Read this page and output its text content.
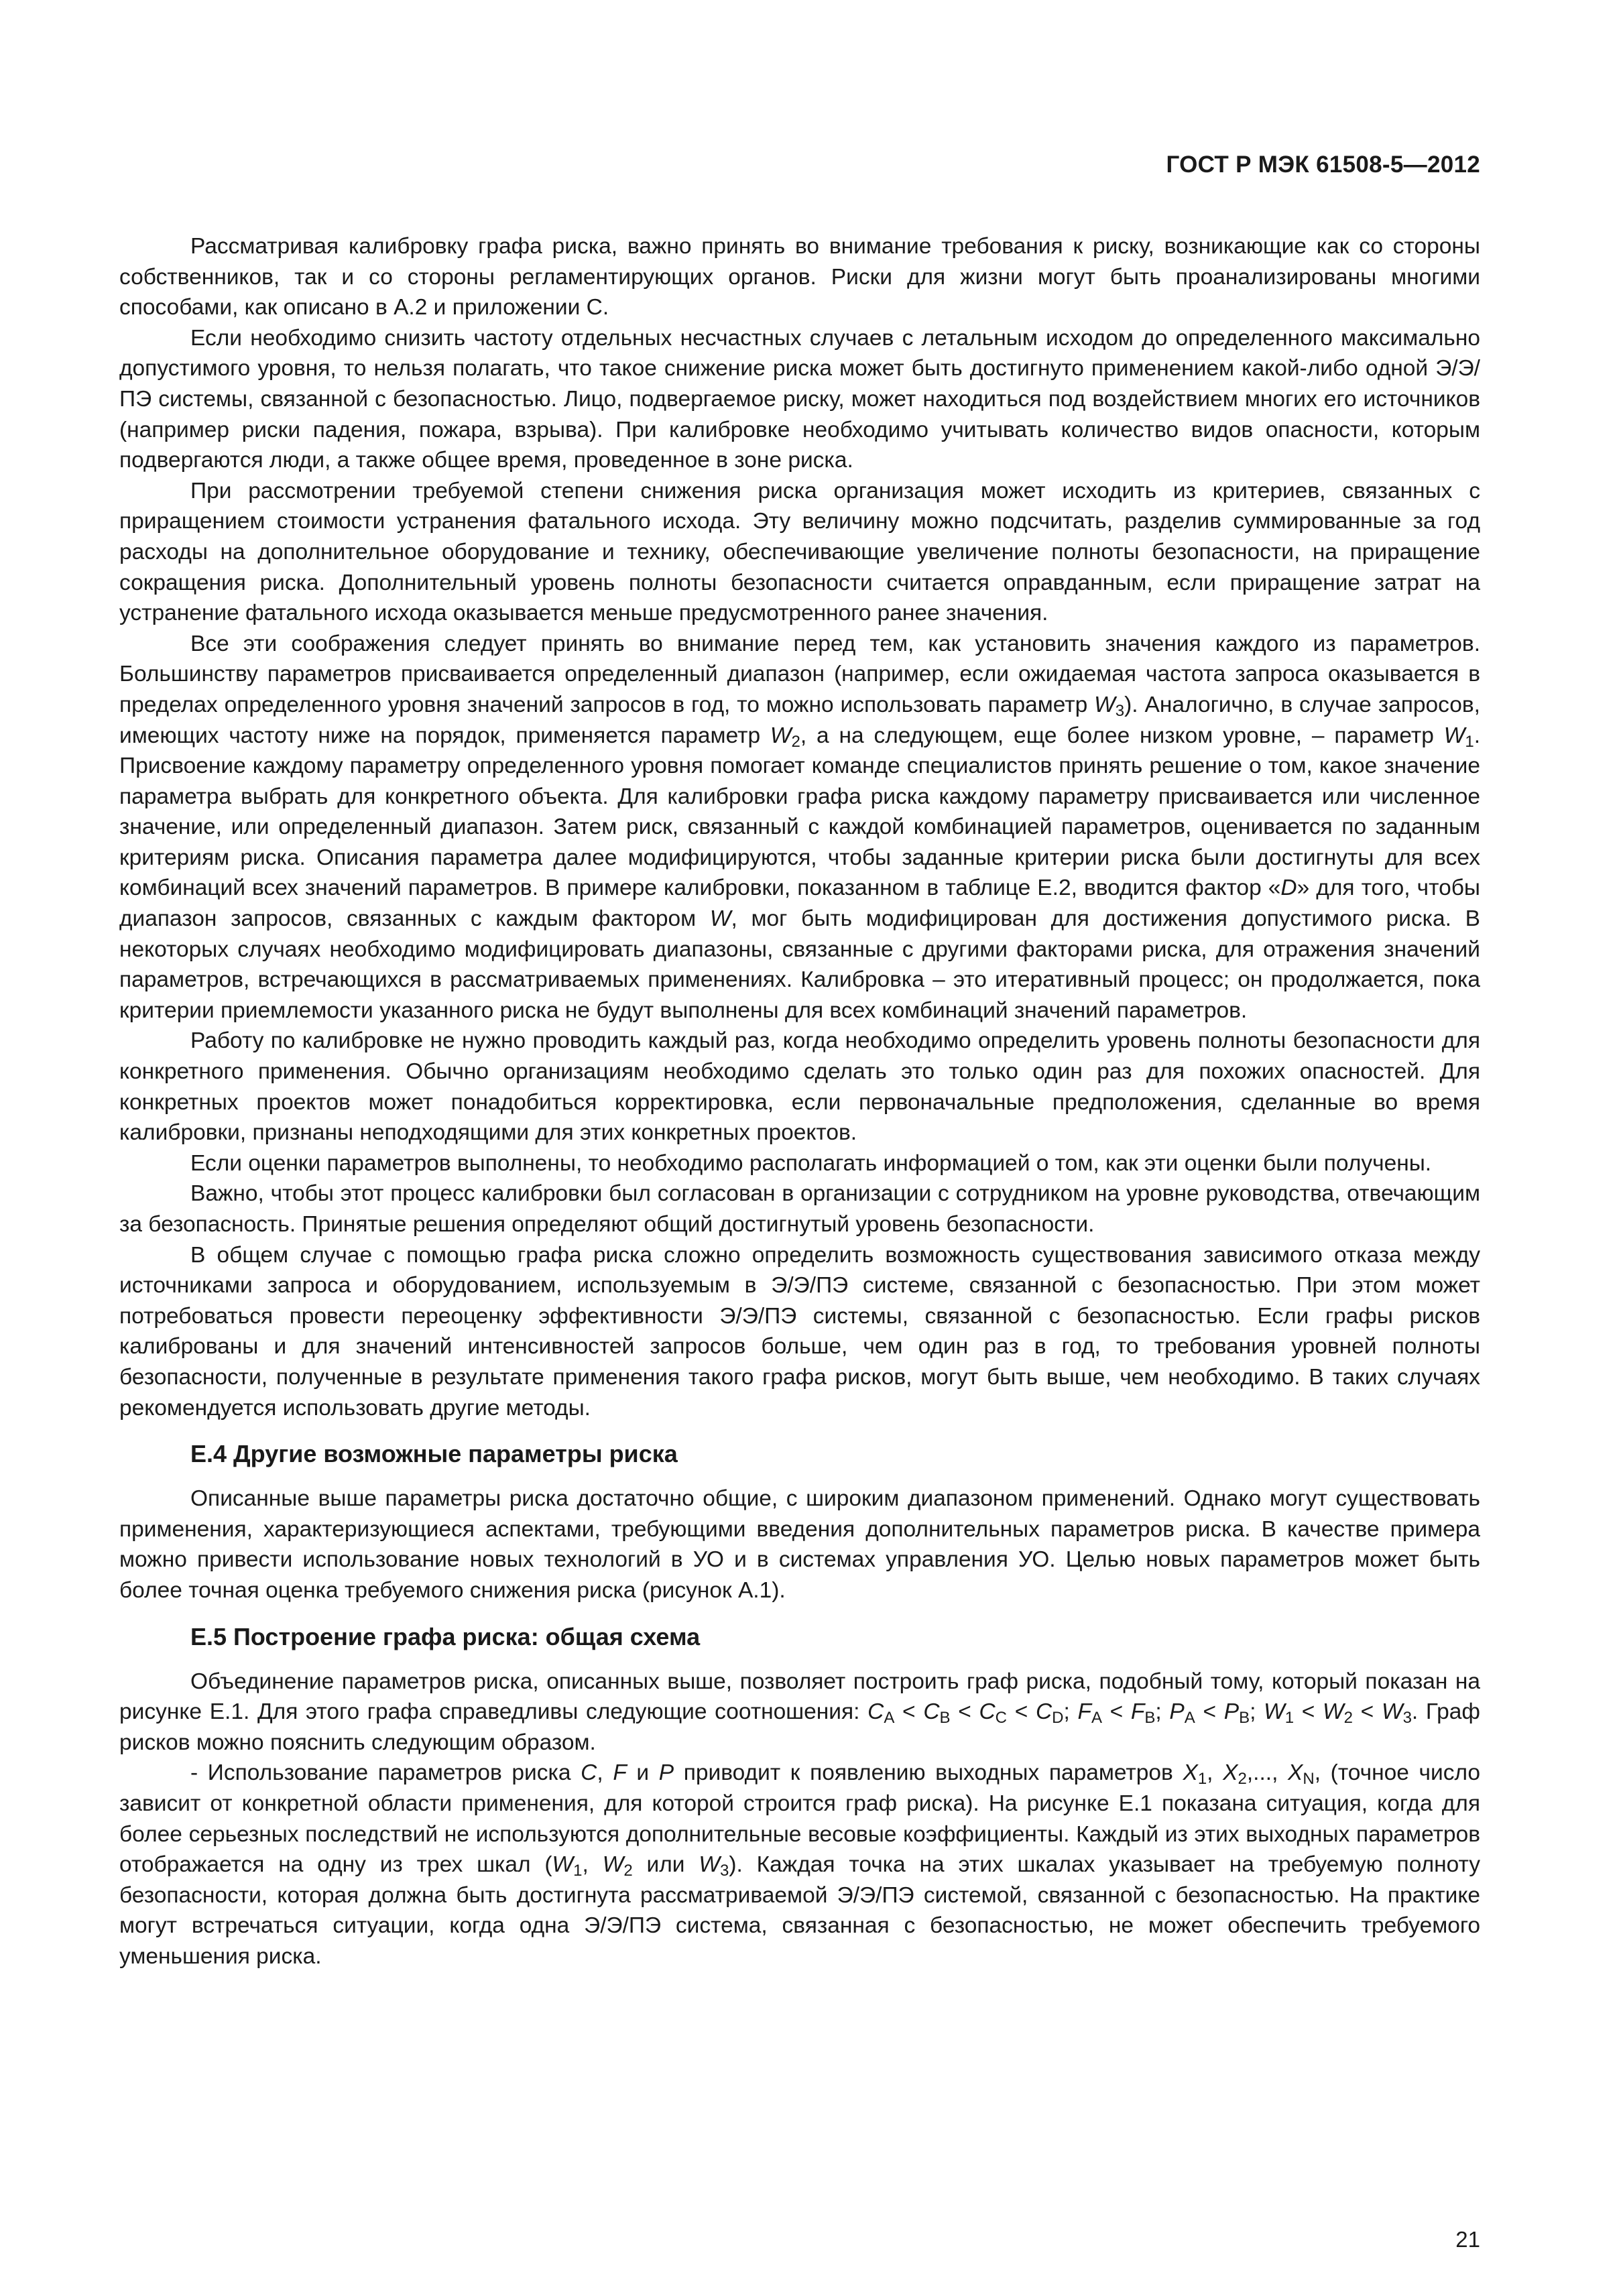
ГОСТ Р МЭК 61508-5—2012

Рассматривая калибровку графа риска, важно принять во внимание требования к риску, возникающие как со стороны собственников, так и со стороны регламентирующих органов. Риски для жизни могут быть проанализированы многими способами, как описано в А.2 и приложении С.

Если необходимо снизить частоту отдельных несчастных случаев с летальным исходом до определенного максимально допустимого уровня, то нельзя полагать, что такое снижение риска может быть достигнуто применением какой-либо одной Э/Э/ПЭ системы, связанной с безопасностью. Лицо, подвергаемое риску, может находиться под воздействием многих его источников (например риски падения, пожара, взрыва). При калибровке необходимо учитывать количество видов опасности, которым подвергаются люди, а также общее время, проведенное в зоне риска.

При рассмотрении требуемой степени снижения риска организация может исходить из критериев, связанных с приращением стоимости устранения фатального исхода. Эту величину можно подсчитать, разделив суммированные за год расходы на дополнительное оборудование и технику, обеспечивающие увеличение полноты безопасности, на приращение сокращения риска. Дополнительный уровень полноты безопасности считается оправданным, если приращение затрат на устранение фатального исхода оказывается меньше предусмотренного ранее значения.

Все эти соображения следует принять во внимание перед тем, как установить значения каждого из параметров. Большинству параметров присваивается определенный диапазон (например, если ожидаемая частота запроса оказывается в пределах определенного уровня значений запросов в год, то можно использовать параметр $W_3$). Аналогично, в случае запросов, имеющих частоту ниже на порядок, применяется параметр $W_2$, а на следующем, еще более низком уровне, – параметр $W_1$. Присвоение каждому параметру определенного уровня помогает команде специалистов принять решение о том, какое значение параметра выбрать для конкретного объекта. Для калибровки графа риска каждому параметру присваивается или численное значение, или определенный диапазон. Затем риск, связанный с каждой комбинацией параметров, оценивается по заданным критериям риска. Описания параметра далее модифицируются, чтобы заданные критерии риска были достигнуты для всех комбинаций всех значений параметров. В примере калибровки, показанном в таблице Е.2, вводится фактор «D» для того, чтобы диапазон запросов, связанных с каждым фактором W, мог быть модифицирован для достижения допустимого риска. В некоторых случаях необходимо модифицировать диапазоны, связанные с другими факторами риска, для отражения значений параметров, встречающихся в рассматриваемых применениях. Калибровка – это итеративный процесс; он продолжается, пока критерии приемлемости указанного риска не будут выполнены для всех комбинаций значений параметров.

Работу по калибровке не нужно проводить каждый раз, когда необходимо определить уровень полноты безопасности для конкретного применения. Обычно организациям необходимо сделать это только один раз для похожих опасностей. Для конкретных проектов может понадобиться корректировка, если первоначальные предположения, сделанные во время калибровки, признаны неподходящими для этих конкретных проектов.

Если оценки параметров выполнены, то необходимо располагать информацией о том, как эти оценки были получены.

Важно, чтобы этот процесс калибровки был согласован в организации с сотрудником на уровне руководства, отвечающим за безопасность. Принятые решения определяют общий достигнутый уровень безопасности.

В общем случае с помощью графа риска сложно определить возможность существования зависимого отказа между источниками запроса и оборудованием, используемым в Э/Э/ПЭ системе, связанной с безопасностью. При этом может потребоваться провести переоценку эффективности Э/Э/ПЭ системы, связанной с безопасностью. Если графы рисков калиброваны и для значений интенсивностей запросов больше, чем один раз в год, то требования уровней полноты безопасности, полученные в результате применения такого графа рисков, могут быть выше, чем необходимо. В таких случаях рекомендуется использовать другие методы.

Е.4 Другие возможные параметры риска

Описанные выше параметры риска достаточно общие, с широким диапазоном применений. Однако могут существовать применения, характеризующиеся аспектами, требующими введения дополнительных параметров риска. В качестве примера можно привести использование новых технологий в УО и в системах управления УО. Целью новых параметров может быть более точная оценка требуемого снижения риска (рисунок А.1).

Е.5 Построение графа риска: общая схема

Объединение параметров риска, описанных выше, позволяет построить граф риска, подобный тому, который показан на рисунке Е.1. Для этого графа справедливы следующие соотношения: $C_A < C_B < C_C < C_D$; $F_A < F_B$; $P_A < P_B$; $W_1 < W_2 < W_3$. Граф рисков можно пояснить следующим образом.

- Использование параметров риска C, F и P приводит к появлению выходных параметров $X_1$, $X_2$,..., $X_N$, (точное число зависит от конкретной области применения, для которой строится граф риска). На рисунке Е.1 показана ситуация, когда для более серьезных последствий не используются дополнительные весовые коэффициенты. Каждый из этих выходных параметров отображается на одну из трех шкал ($W_1$, $W_2$ или $W_3$). Каждая точка на этих шкалах указывает на требуемую полноту безопасности, которая должна быть достигнута рассматриваемой Э/Э/ПЭ системой, связанной с безопасностью. На практике могут встречаться ситуации, когда одна Э/Э/ПЭ система, связанная с безопасностью, не может обеспечить требуемого уменьшения риска.

21
